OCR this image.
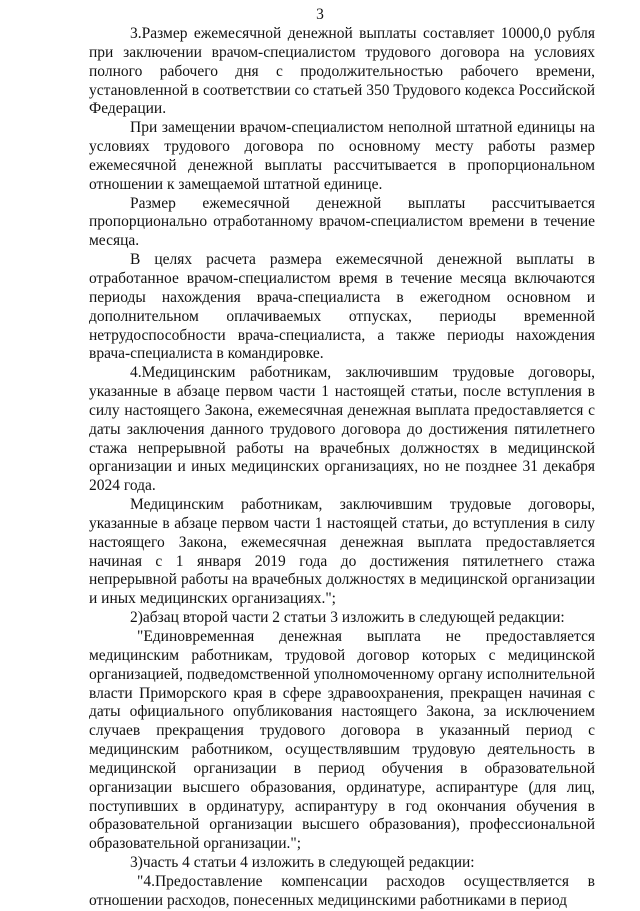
3

3.Размер ежемесячной денежной выплаты составляет 10000,0 рубля при заключении врачом-специалистом трудового договора на условиях полного рабочего дня с продолжительностью рабочего времени, установленной в соответствии со статьей 350 Трудового кодекса Российской Федерации.

При замещении врачом-специалистом неполной штатной единицы на условиях трудового договора по основному месту работы размер ежемесячной денежной выплаты рассчитывается в пропорциональном отношении к замещаемой штатной единице.

Размер ежемесячной денежной выплаты рассчитывается пропорционально отработанному врачом-специалистом времени в течение месяца.

В целях расчета размера ежемесячной денежной выплаты в отработанное врачом-специалистом время в течение месяца включаются периоды нахождения врача-специалиста в ежегодном основном и дополнительном оплачиваемых отпусках, периоды временной нетрудоспособности врача-специалиста, а также периоды нахождения врача-специалиста в командировке.

4.Медицинским работникам, заключившим трудовые договоры, указанные в абзаце первом части 1 настоящей статьи, после вступления в силу настоящего Закона, ежемесячная денежная выплата предоставляется с даты заключения данного трудового договора до достижения пятилетнего стажа непрерывной работы на врачебных должностях в медицинской организации и иных медицинских организациях, но не позднее 31 декабря 2024 года.

Медицинским работникам, заключившим трудовые договоры, указанные в абзаце первом части 1 настоящей статьи, до вступления в силу настоящего Закона, ежемесячная денежная выплата предоставляется начиная с 1 января 2019 года до достижения пятилетнего стажа непрерывной работы на врачебных должностях в медицинской организации и иных медицинских организациях.";

2)абзац второй части 2 статьи 3 изложить в следующей редакции:

"Единовременная денежная выплата не предоставляется медицинским работникам, трудовой договор которых с медицинской организацией, подведомственной уполномоченному органу исполнительной власти Приморского края в сфере здравоохранения, прекращен начиная с даты официального опубликования настоящего Закона, за исключением случаев прекращения трудового договора в указанный период с медицинским работником, осуществлявшим трудовую деятельность в медицинской организации в период обучения в образовательной организации высшего образования, ординатуре, аспирантуре (для лиц, поступивших в ординатуру, аспирантуру в год окончания обучения в образовательной организации высшего образования), профессиональной образовательной организации.";

3)часть 4 статьи 4 изложить в следующей редакции:

"4.Предоставление компенсации расходов осуществляется в отношении расходов, понесенных медицинскими работниками в период
